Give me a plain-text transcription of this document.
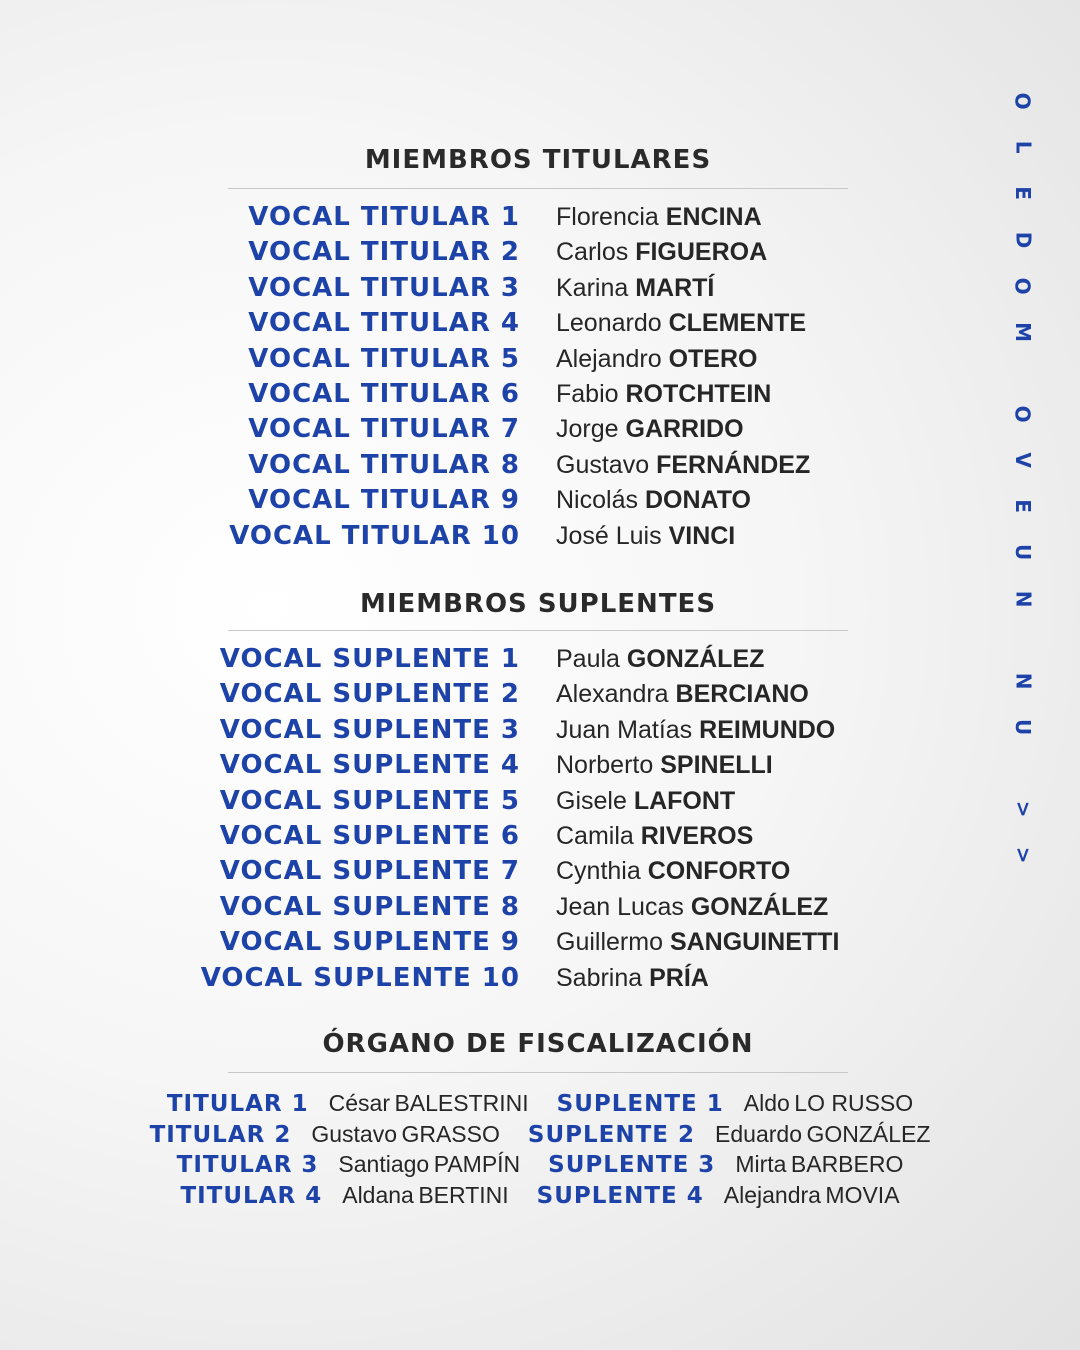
MIEMBROS TITULARES
VOCAL TITULAR 1 Florencia ENCINA
VOCAL TITULAR 2 Carlos FIGUEROA
VOCAL TITULAR 3 Karina MARTÍ
VOCAL TITULAR 4 Leonardo CLEMENTE
VOCAL TITULAR 5 Alejandro OTERO
VOCAL TITULAR 6 Fabio ROTCHTEIN
VOCAL TITULAR 7 Jorge GARRIDO
VOCAL TITULAR 8 Gustavo FERNÁNDEZ
VOCAL TITULAR 9 Nicolás DONATO
VOCAL TITULAR 10 José Luis VINCI
MIEMBROS SUPLENTES
VOCAL SUPLENTE 1 Paula GONZÁLEZ
VOCAL SUPLENTE 2 Alexandra BERCIANO
VOCAL SUPLENTE 3 Juan Matías REIMUNDO
VOCAL SUPLENTE 4 Norberto SPINELLI
VOCAL SUPLENTE 5 Gisele LAFONT
VOCAL SUPLENTE 6 Camila RIVEROS
VOCAL SUPLENTE 7 Cynthia CONFORTO
VOCAL SUPLENTE 8 Jean Lucas GONZÁLEZ
VOCAL SUPLENTE 9 Guillermo SANGUINETTI
VOCAL SUPLENTE 10 Sabrina PRÍA
ÓRGANO DE FISCALIZACIÓN
TITULAR 1 César BALESTRINI SUPLENTE 1 Aldo LO RUSSO
TITULAR 2 Gustavo GRASSO SUPLENTE 2 Eduardo GONZÁLEZ
TITULAR 3 Santiago PAMPÍN SUPLENTE 3 Mirta BARBERO
TITULAR 4 Aldana BERTINI SUPLENTE 4 Alejandra MOVIA
O
L
E
D
O
M
O
V
E
U
N
N
U
>
>
